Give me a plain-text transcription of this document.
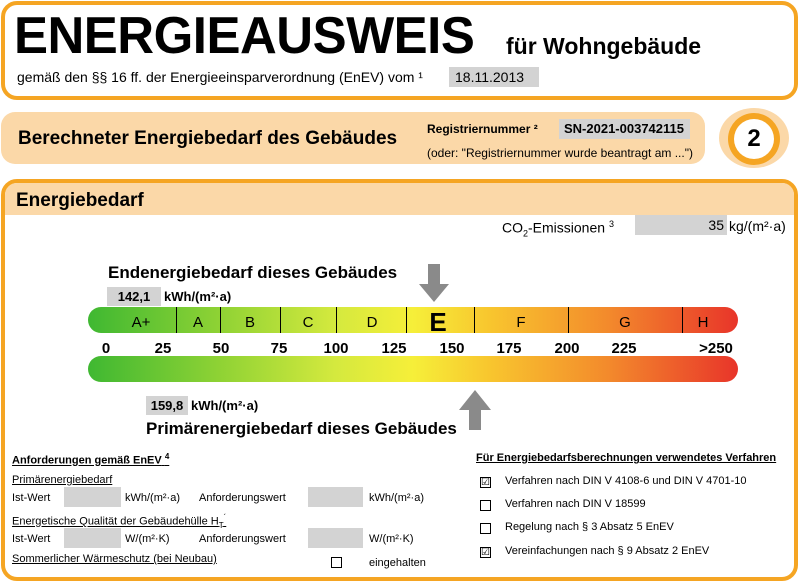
ENERGIEAUSWEIS für Wohngebäude
gemäß den §§ 16 ff. der Energieeinsparverordnung (EnEV) vom ¹	18.11.2013
Berechneter Energiebedarf des Gebäudes Registriernummer ²	SN-2021-003742115
(oder: "Registriernummer wurde beantragt am ...")
2
Energiebedarf
$CO_2$-Emissionen $^3$	35 kg/(m²·a)
Endenergiebedarf dieses Gebäudes
142,1	kWh/(m²·a)
A+	A	B	C	D E	F	G	H
0	25	50	75 100 125 150 175 200 225	>250
159,8 kWh/(m²·a)
Primärenergiebedarf dieses Gebäudes
Anforderungen gemäß EnEV $^4$
Primärenergiebedarf
Ist-Wert	kWh/(m²·a) Anforderungswert	kWh/(m²·a)
Energetische Qualität der Gebäudehülle $H_T^´$
Ist-Wert	W/(m²·K)	Anforderungswert	W/(m²·K)
Sommerlicher Wärmeschutz (bei Neubau)	eingehalten
Für Energiebedarfsberechnungen verwendetes Verfahren
☑ Verfahren nach DIN V 4108-6 und DIN V 4701-10
Verfahren nach DIN V 18599
Regelung nach § 3 Absatz 5 EnEV
☑ Vereinfachungen nach § 9 Absatz 2 EnEV
